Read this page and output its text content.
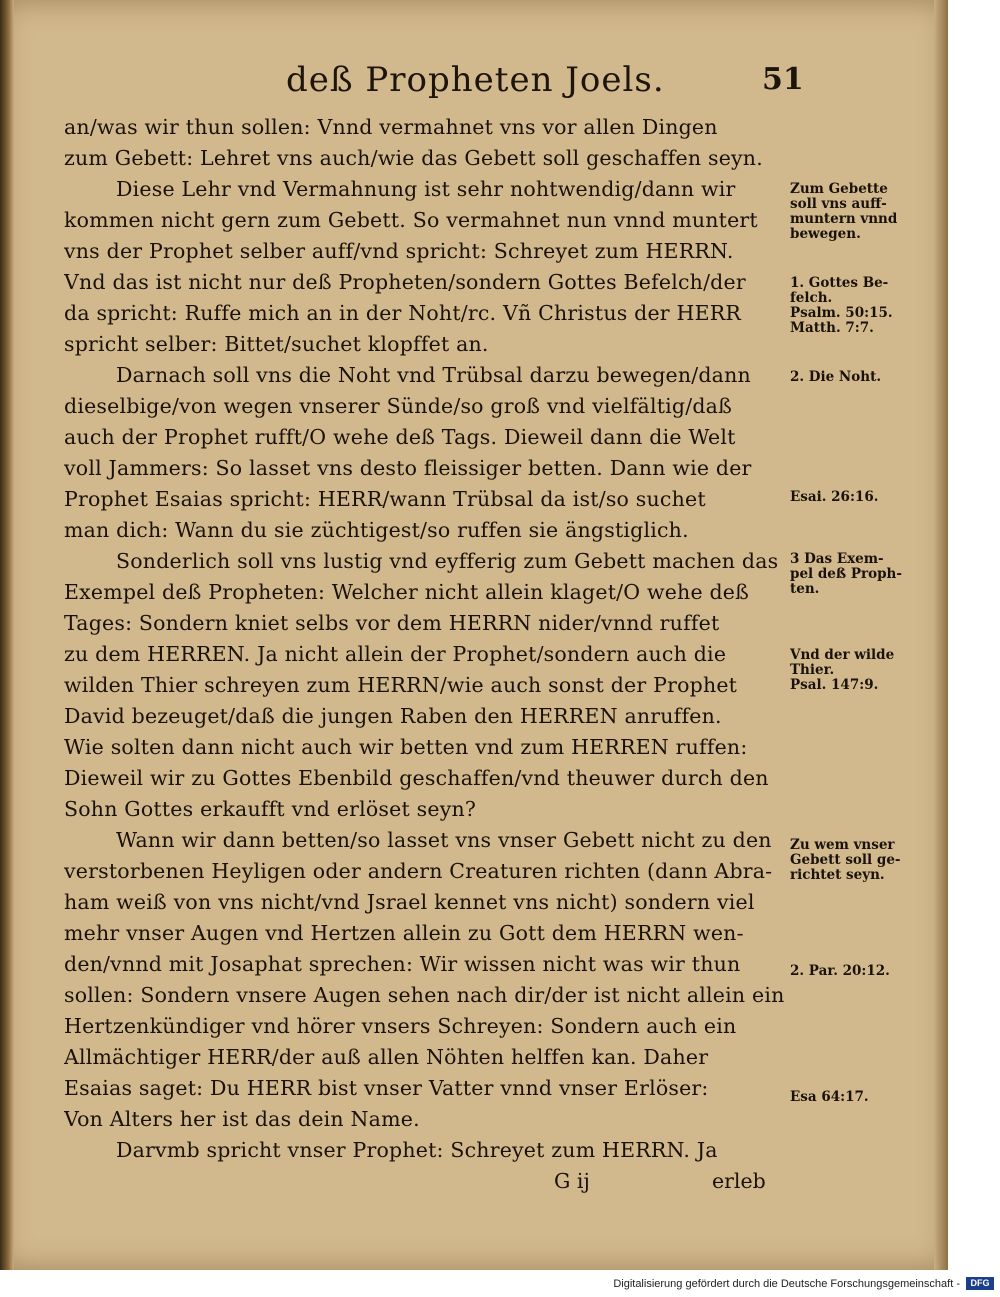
deß Propheten Joels.	51
an/was wir thun sollen: Vnnd vermahnet vns vor allen Dingen
zum Gebett: Lehret vns auch/wie das Gebett soll geschaffen seyn.
Diese Lehr vnd Vermahnung ist sehr nohtwendig/dann wir
kommen nicht gern zum Gebett. So vermahnet nun vnnd muntert
vns der Prophet selber auff/vnd spricht: Schreyet zum HERRN.
Vnd das ist nicht nur deß Propheten/sondern Gottes Befelch/der
da spricht: Ruffe mich an in der Noht/rc. Vñ Christus der HERR
spricht selber: Bittet/suchet klopffet an.
Darnach soll vns die Noht vnd Trübsal darzu bewegen/dann
dieselbige/von wegen vnserer Sünde/so groß vnd vielfältig/daß
auch der Prophet rufft/O wehe deß Tags. Dieweil dann die Welt
voll Jammers: So lasset vns desto fleissiger betten. Dann wie der
Prophet Esaias spricht: HERR/wann Trübsal da ist/so suchet
man dich: Wann du sie züchtigest/so ruffen sie ängstiglich.
Sonderlich soll vns lustig vnd eyfferig zum Gebett machen das
Exempel deß Propheten: Welcher nicht allein klaget/O wehe deß
Tages: Sondern kniet selbs vor dem HERRN nider/vnnd ruffet
zu dem HERREN. Ja nicht allein der Prophet/sondern auch die
wilden Thier schreyen zum HERRN/wie auch sonst der Prophet
David bezeuget/daß die jungen Raben den HERREN anruffen.
Wie solten dann nicht auch wir betten vnd zum HERREN ruffen:
Dieweil wir zu Gottes Ebenbild geschaffen/vnd theuwer durch den
Sohn Gottes erkaufft vnd erlöset seyn?
Wann wir dann betten/so lasset vns vnser Gebett nicht zu den
verstorbenen Heyligen oder andern Creaturen richten (dann Abra-
ham weiß von vns nicht/vnd Jsrael kennet vns nicht) sondern viel
mehr vnser Augen vnd Hertzen allein zu Gott dem HERRN wen-
den/vnnd mit Josaphat sprechen: Wir wissen nicht was wir thun
sollen: Sondern vnsere Augen sehen nach dir/der ist nicht allein ein
Hertzenkündiger vnd hörer vnsers Schreyen: Sondern auch ein
Allmächtiger HERR/der auß allen Nöhten helffen kan. Daher
Esaias saget: Du HERR bist vnser Vatter vnnd vnser Erlöser:
Von Alters her ist das dein Name.
Darvmb spricht vnser Prophet: Schreyet zum HERRN. Ja
G ij	erleb
Zum Gebette
soll vns auff-
muntern vnnd
bewegen.
1. Gottes Be-
felch.
Psalm. 50:15.
Matth. 7:7.
2. Die Noht.
Esai. 26:16.
3 Das Exem-
pel deß Proph-
ten.
Vnd der wilde
Thier.
Psal. 147:9.
Zu wem vnser
Gebett soll ge-
richtet seyn.
2. Par. 20:12.
Esa 64:17.
Digitalisierung gefördert durch die Deutsche Forschungsgemeinschaft -	DFG
